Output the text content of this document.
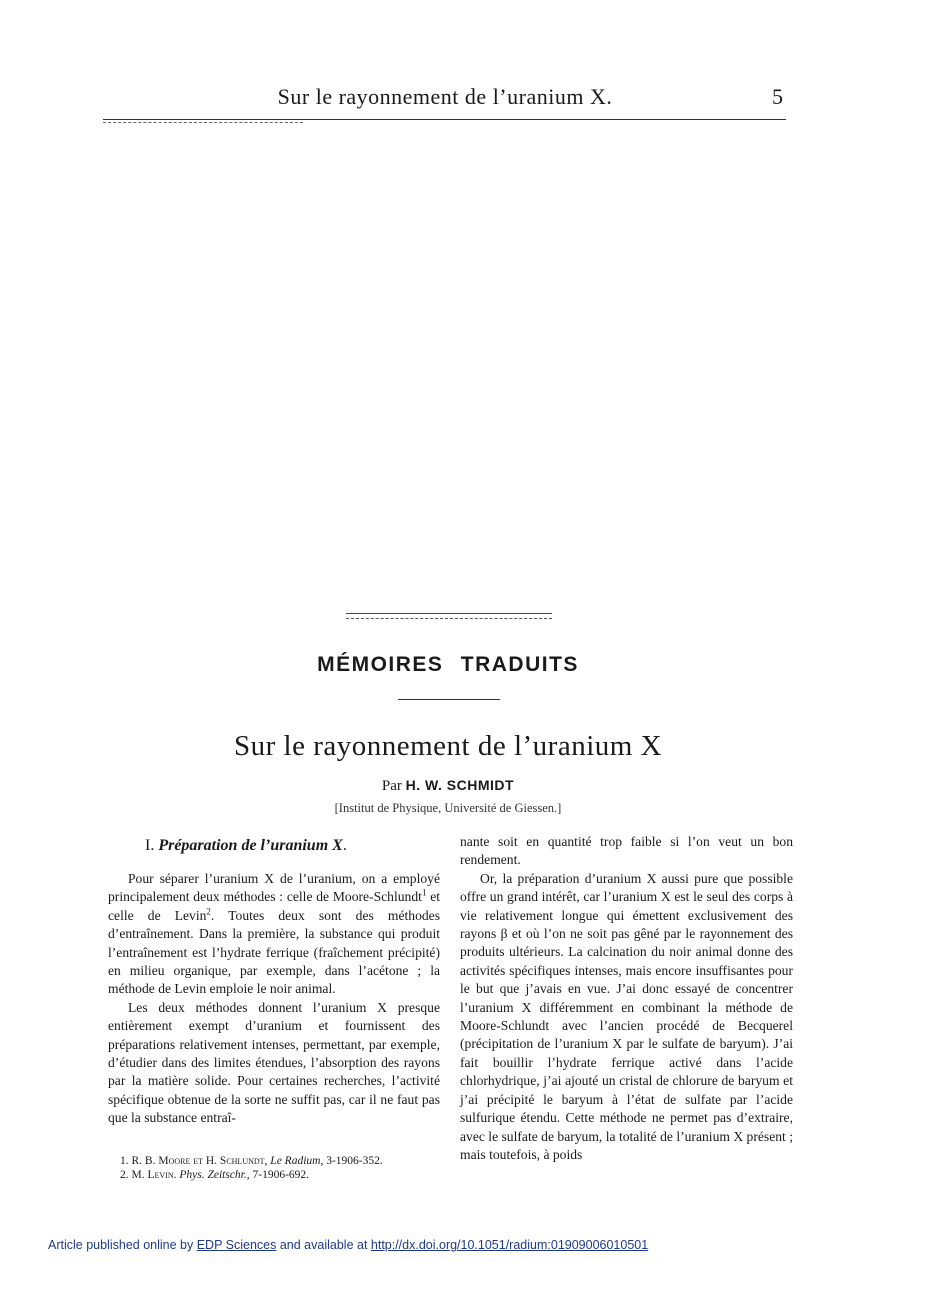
Sur le rayonnement de l’uranium X.	5
MÉMOIRES TRADUITS
Sur le rayonnement de l’uranium X
Par H. W. SCHMIDT
[Institut de Physique, Université de Giessen.]
I. Préparation de l’uranium X.

Pour séparer l’uranium X de l’uranium, on a employé principalement deux méthodes : celle de Moore-Schlundt$^1$ et celle de Levin$^2$. Toutes deux sont des méthodes d’entraînement. Dans la première, la substance qui produit l’entraînement est l’hydrate ferrique (fraîchement précipité) en milieu organique, par exemple, dans l’acétone ; la méthode de Levin emploie le noir animal.

Les deux méthodes donnent l’uranium X presque entièrement exempt d’uranium et fournissent des préparations relativement intenses, permettant, par exemple, d’étudier dans des limites étendues, l’absorption des rayons par la matière solide. Pour certaines recherches, l’activité spécifique obtenue de la sorte ne suffit pas, car il ne faut pas que la substance entraî-

nante soit en quantité trop faible si l’on veut un bon rendement.

Or, la préparation d’uranium X aussi pure que possible offre un grand intérêt, car l’uranium X est le seul des corps à vie relativement longue qui émettent exclusivement des rayons β et où l’on ne soit pas gêné par le rayonnement des produits ultérieurs. La calcination du noir animal donne des activités spécifiques intenses, mais encore insuffisantes pour le but que j’avais en vue. J’ai donc essayé de concentrer l’uranium X différemment en combinant la méthode de Moore-Schlundt avec l’ancien procédé de Becquerel (précipitation de l’uranium X par le sulfate de baryum). J’ai fait bouillir l’hydrate ferrique activé dans l’acide chlorhydrique, j’ai ajouté un cristal de chlorure de baryum et j’ai précipité le baryum à l’état de sulfate par l’acide sulfurique étendu. Cette méthode ne permet pas d’extraire, avec le sulfate de baryum, la totalité de l’uranium X présent ; mais toutefois, à poids

1. R. B. Moore et H. Schlundt, Le Radium, 3-1906-352.
2. M. Levin. Phys. Zeitschr., 7-1906-692.
Article published online by EDP Sciences and available at http://dx.doi.org/10.1051/radium:01909006010501
